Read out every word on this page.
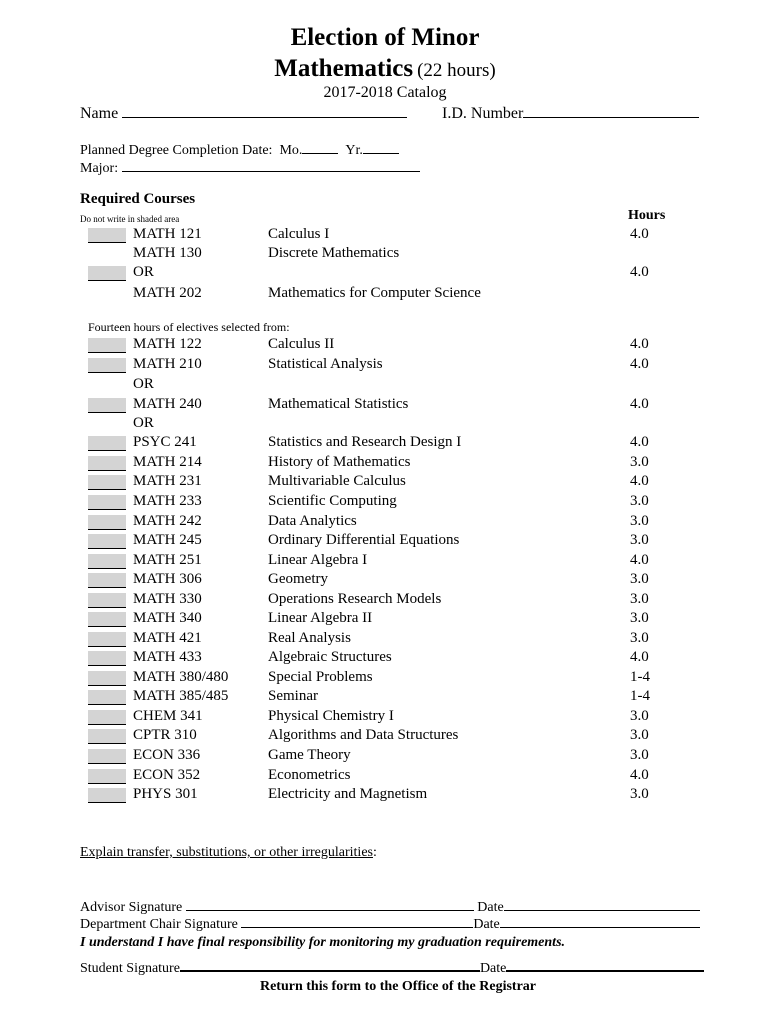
Election of Minor
Mathematics (22 hours)
2017-2018 Catalog
Name	I.D. Number
Planned Degree Completion Date: Mo.	Yr.
Major:
Required Courses
Do not write in shaded area	Hours
MATH 121	Calculus I	4.0
MATH 130	Discrete Mathematics
OR	4.0
MATH 202	Mathematics for Computer Science
Fourteen hours of electives selected from:
MATH 122	Calculus II	4.0
MATH 210	Statistical Analysis	4.0
OR
MATH 240	Mathematical Statistics	4.0
OR
PSYC 241	Statistics and Research Design I	4.0
MATH 214	History of Mathematics	3.0
MATH 231	Multivariable Calculus	4.0
MATH 233	Scientific Computing	3.0
MATH 242	Data Analytics	3.0
MATH 245	Ordinary Differential Equations	3.0
MATH 251	Linear Algebra I	4.0
MATH 306	Geometry	3.0
MATH 330	Operations Research Models	3.0
MATH 340	Linear Algebra II	3.0
MATH 421	Real Analysis	3.0
MATH 433	Algebraic Structures	4.0
MATH 380/480	Special Problems	1-4
MATH 385/485	Seminar	1-4
CHEM 341	Physical Chemistry I	3.0
CPTR 310	Algorithms and Data Structures	3.0
ECON 336	Game Theory	3.0
ECON 352	Econometrics	4.0
PHYS 301	Electricity and Magnetism	3.0
Explain transfer, substitutions, or other irregularities:
Advisor Signature	Date
Department Chair Signature	Date
I understand I have final responsibility for monitoring my graduation requirements.
Student Signature	Date
Return this form to the Office of the Registrar
